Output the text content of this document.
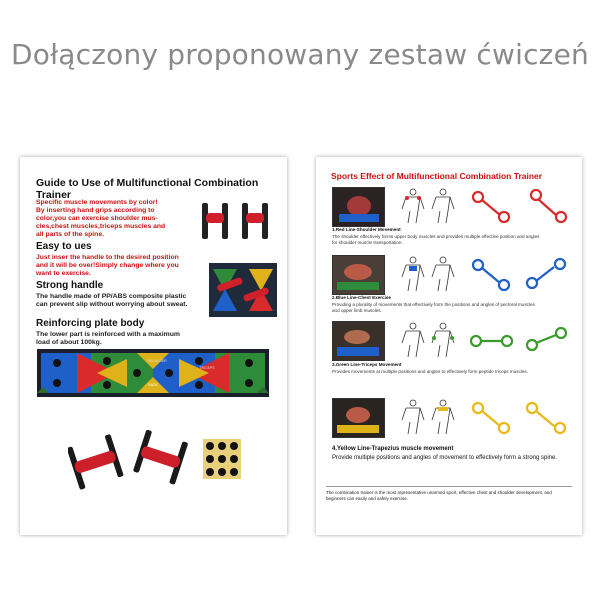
Dołączony proponowany zestaw ćwiczeń
Guide to Use of Multifunctional Combination Trainer
Specific muscle movements by color!
By inserting hand grips according to
color,you can exercise shoulder mus-
cles,chest muscles,triceps muscles and
all parts of the spine.
Easy to ues
Just inser the handle to the desired position
and it will be over!Simply change where you
want to exercise.
Strong handle
The handle made of PP/ABS composite plastic
can prevent slip without worrying about sweat.
Reinforcing plate body
The lower part is reinforced with a maximum
load of about 100kg.
SHOULDER
TRICEPS
BACK
Sports Effect of Multifunctional Combination Trainer
1.Red Line-Shoulder Movement
The shoulder effectively forms upper body muscles and provides multiple effective position and angles for shoulder muscle transportation.
2.Blue Line-Chest Exercise
Providing a plurality of movements that effectively form the positions and angles of pectoral muscles and upper limb muscles.
3.Green Line-Triceps Movement
Provides movements at multiple positions and angles to effectively form peptide triceps muscles.
4.Yellow Line-Trapezius muscle movement
Provide multiple positions and angles of movement to effectively form a strong spine.
The combination trainer is the most representative unarmed sport, effective chest and shoulder development, and beginners can easily and safely exercise.
